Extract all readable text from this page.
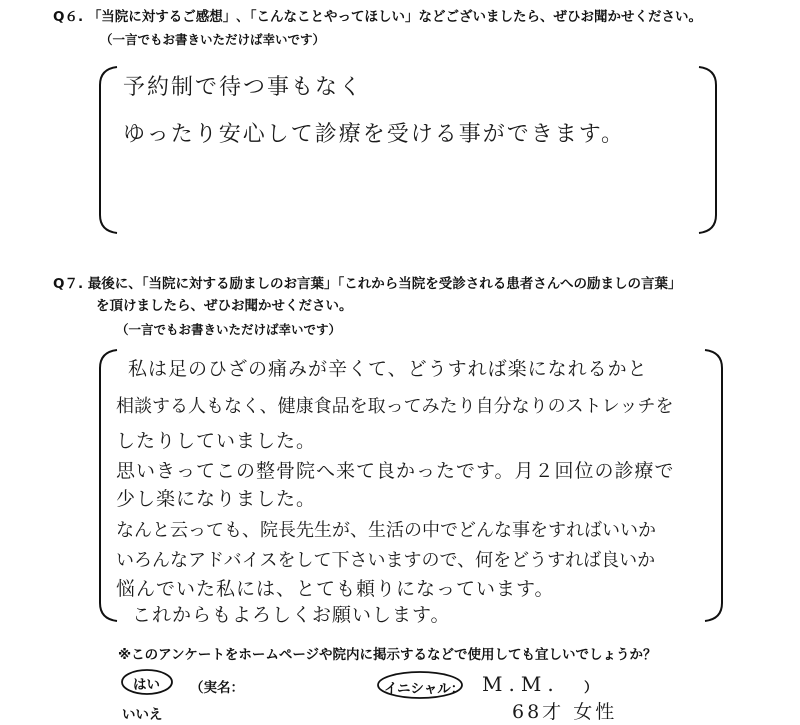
Q６. 「当院に対するご感想」､「こんなことやってほしい」などございましたら、ぜひお聞かせください。
（一言でもお書きいただけば幸いです）
予約制で待つ事もなく
ゆったり安心して診療を受ける事ができます。
Q７. 最後に、「当院に対する励ましのお言葉」「これから当院を受診される患者さんへの励ましの言葉」
を頂けましたら、ぜひお聞かせください。
（一言でもお書きいただけば幸いです）
私は足のひざの痛みが辛くて、どうすれば楽になれるかと
相談する人もなく、健康食品を取ってみたり自分なりのストレッチを
したりしていました。
思いきってこの整骨院へ来て良かったです。月２回位の診療で
少し楽になりました。
なんと云っても、院長先生が、生活の中でどんな事をすればいいか
いろんなアドバイスをして下さいますので、何をどうすれば良いか
悩んでいた私には、とても頼りになっています。
これからもよろしくお願いします。
※このアンケートをホームページや院内に掲示するなどで使用しても宜しいでしょうか？
はい （実名：	イニシャル： M.M. ）
いいえ	68才 女性
